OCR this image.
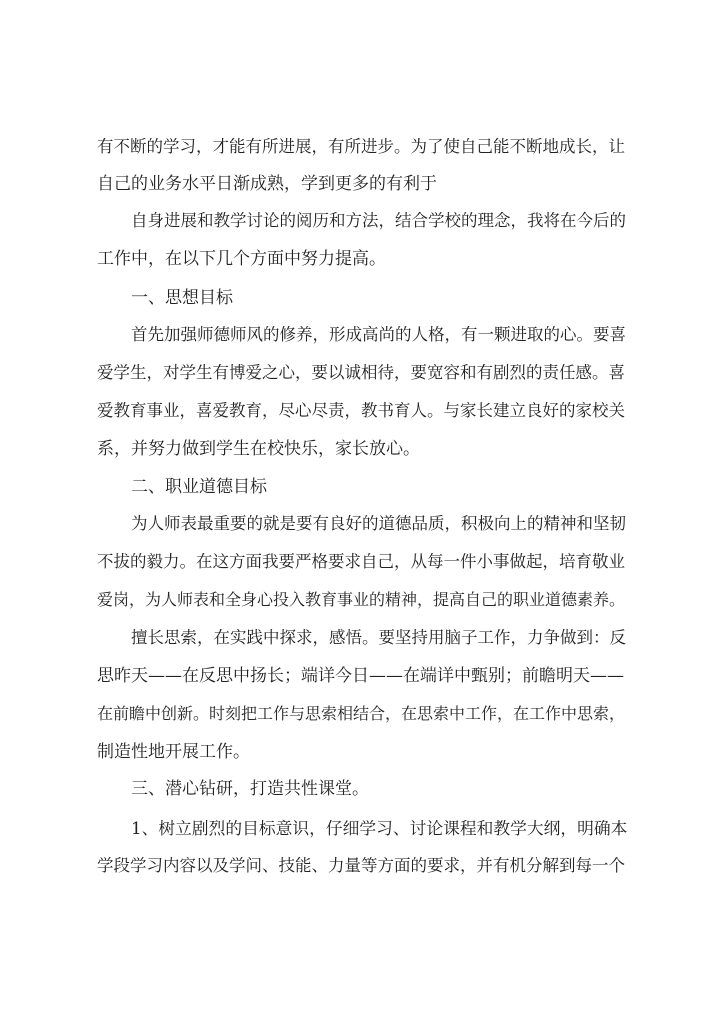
有不断的学习，才能有所进展，有所进步。为了使自己能不断地成长，让

自己的业务水平日渐成熟，学到更多的有利于

自身进展和教学讨论的阅历和方法，结合学校的理念，我将在今后的

工作中，在以下几个方面中努力提高。

一、思想目标

首先加强师德师风的修养，形成高尚的人格，有一颗进取的心。要喜

爱学生，对学生有博爱之心，要以诚相待，要宽容和有剧烈的责任感。喜

爱教育事业，喜爱教育，尽心尽责，教书育人。与家长建立良好的家校关

系，并努力做到学生在校快乐，家长放心。

二、职业道德目标

为人师表最重要的就是要有良好的道德品质，积极向上的精神和坚韧

不拔的毅力。在这方面我要严格要求自己，从每一件小事做起，培育敬业

爱岗，为人师表和全身心投入教育事业的精神，提高自己的职业道德素养。

擅长思索，在实践中探求，感悟。要坚持用脑子工作，力争做到：反

思昨天——在反思中扬长；端详今日——在端详中甄别；前瞻明天——

在前瞻中创新。时刻把工作与思索相结合，在思索中工作，在工作中思索，

制造性地开展工作。

三、潜心钻研，打造共性课堂。

1、树立剧烈的目标意识，仔细学习、讨论课程和教学大纲，明确本

学段学习内容以及学问、技能、力量等方面的要求，并有机分解到每一个
